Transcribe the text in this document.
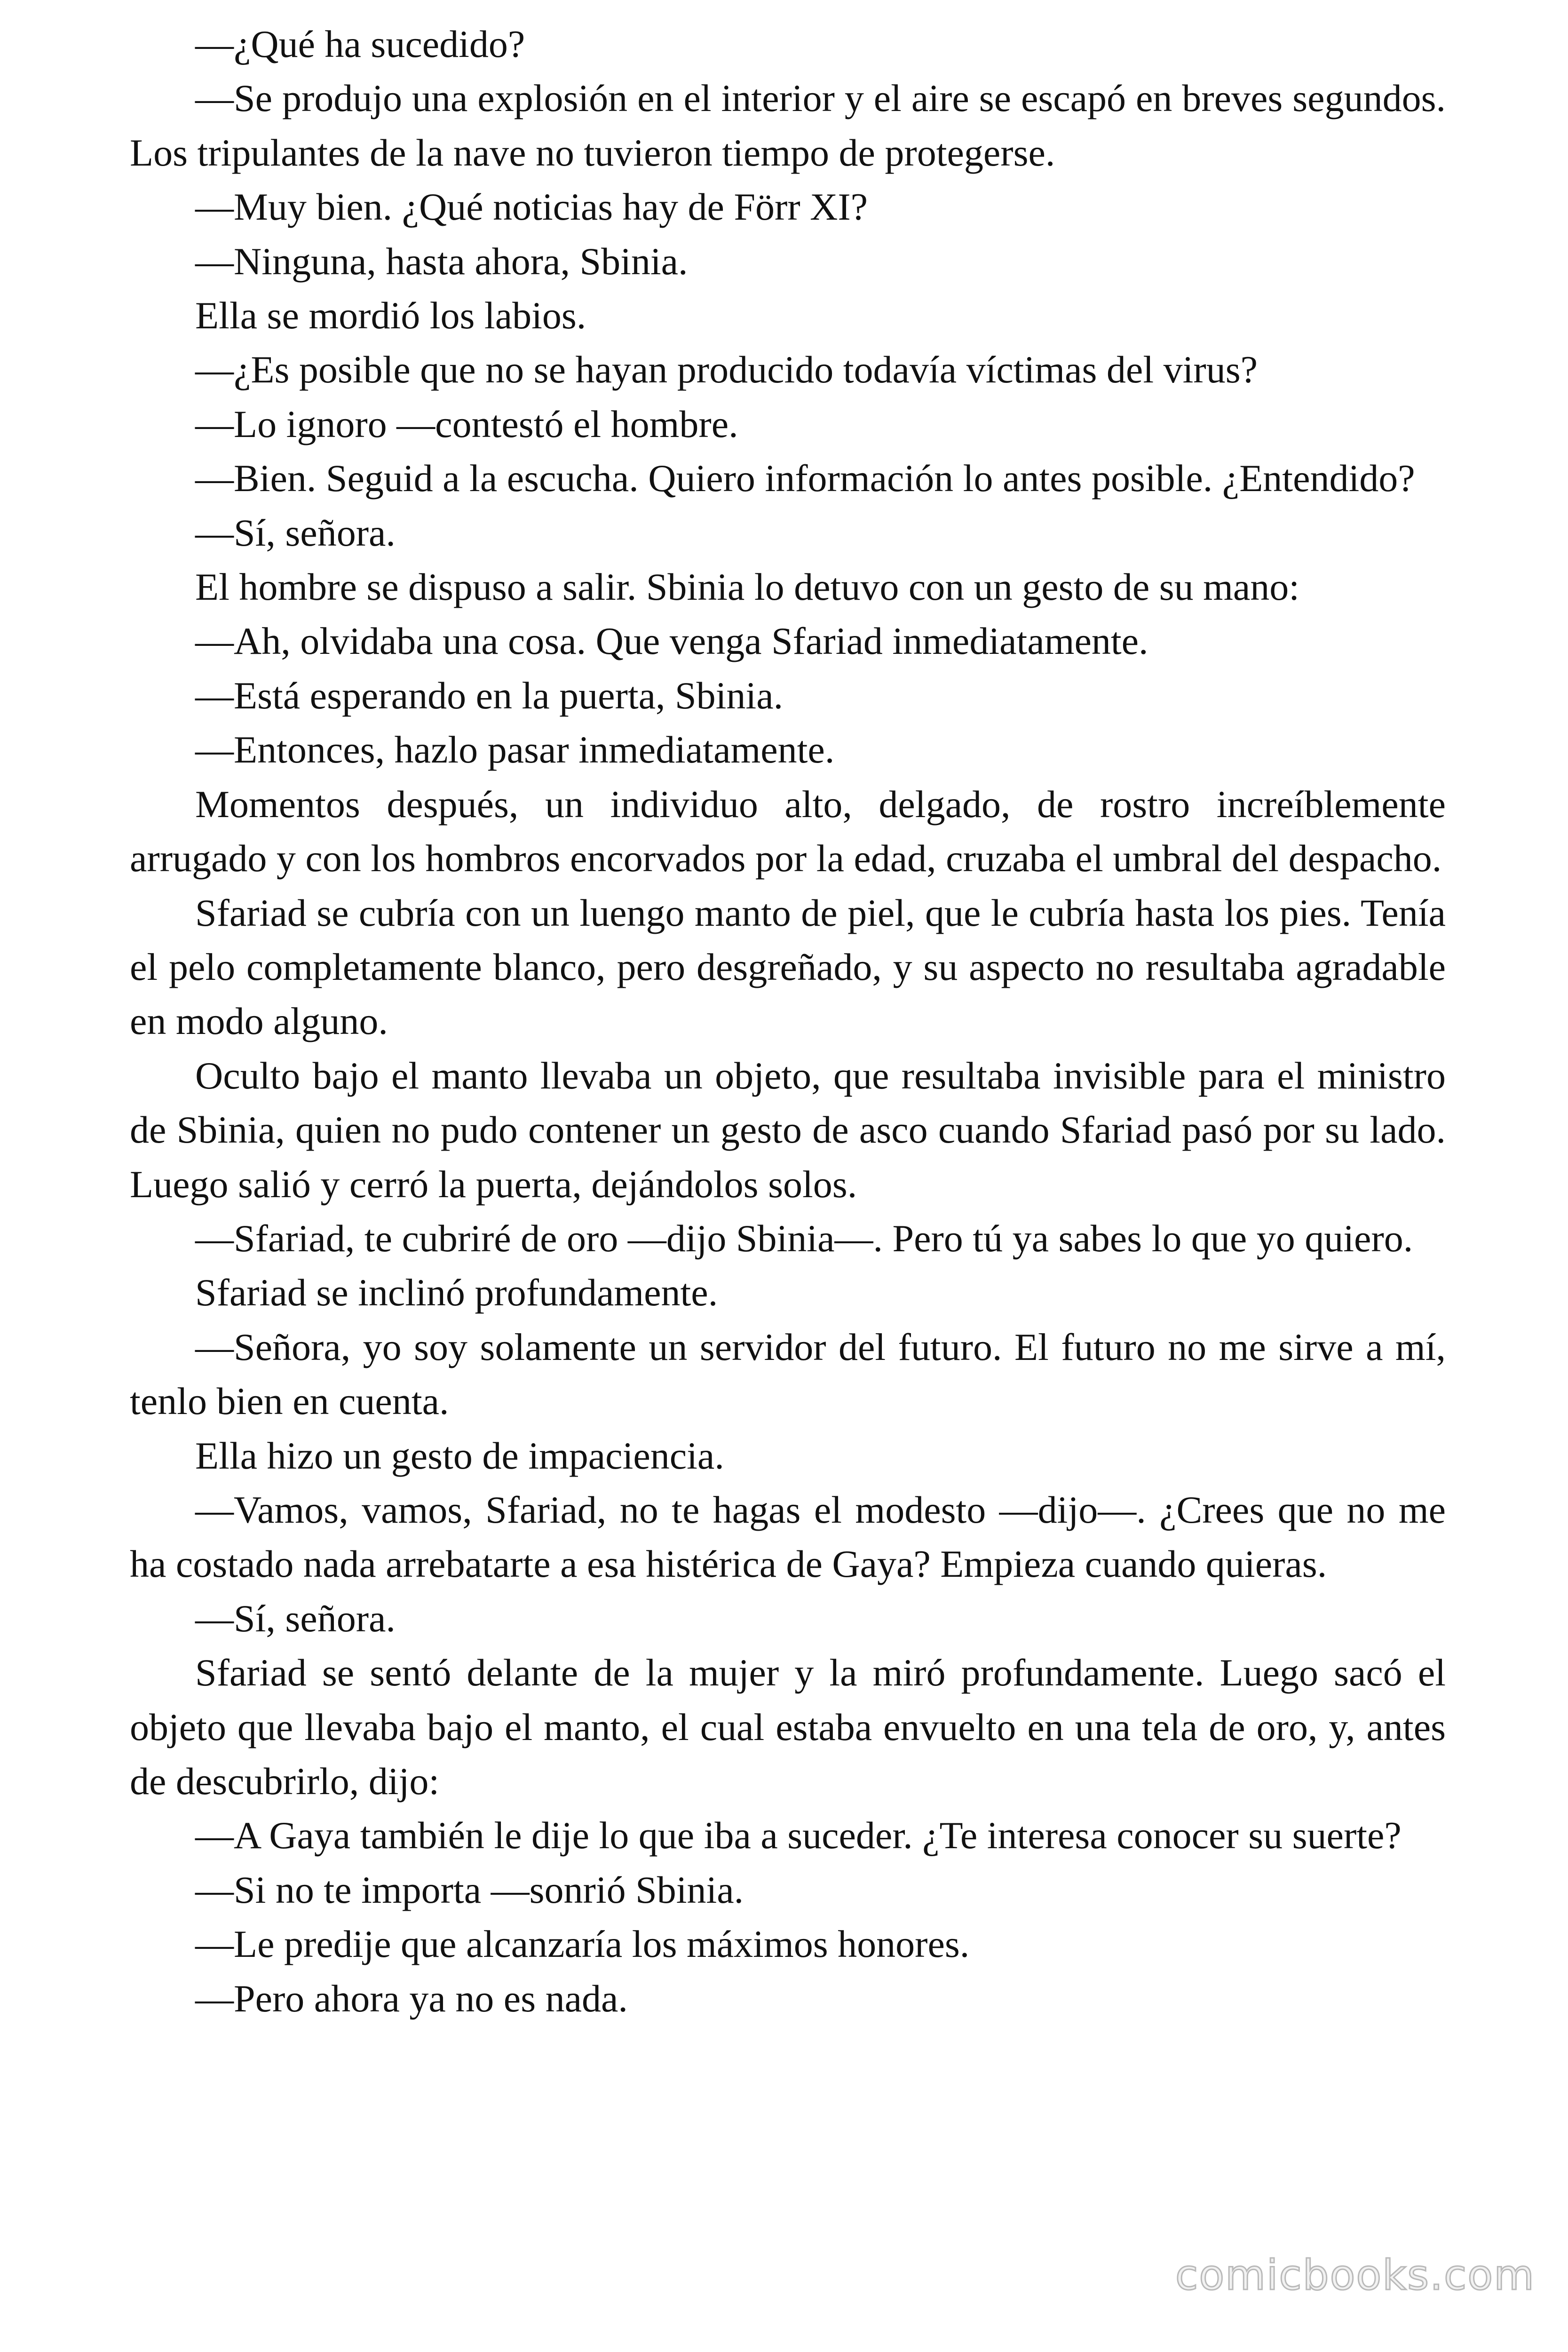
—¿Qué ha sucedido?

—Se produjo una explosión en el interior y el aire se escapó en breves segundos. Los tripulantes de la nave no tuvieron tiempo de protegerse.

—Muy bien. ¿Qué noticias hay de Förr XI?

—Ninguna, hasta ahora, Sbinia.

Ella se mordió los labios.

—¿Es posible que no se hayan producido todavía víctimas del virus?

—Lo ignoro —contestó el hombre.

—Bien. Seguid a la escucha. Quiero información lo antes posible. ¿Entendido?

—Sí, señora.

El hombre se dispuso a salir. Sbinia lo detuvo con un gesto de su mano:

—Ah, olvidaba una cosa. Que venga Sfariad inmediatamente.

—Está esperando en la puerta, Sbinia.

—Entonces, hazlo pasar inmediatamente.

Momentos después, un individuo alto, delgado, de rostro increíblemente arrugado y con los hombros encorvados por la edad, cruzaba el umbral del despacho.

Sfariad se cubría con un luengo manto de piel, que le cubría hasta los pies. Tenía el pelo completamente blanco, pero desgreñado, y su aspecto no resultaba agradable en modo alguno.

Oculto bajo el manto llevaba un objeto, que resultaba invisible para el ministro de Sbinia, quien no pudo contener un gesto de asco cuando Sfariad pasó por su lado. Luego salió y cerró la puerta, dejándolos solos.

—Sfariad, te cubriré de oro —dijo Sbinia—. Pero tú ya sabes lo que yo quiero.

Sfariad se inclinó profundamente.

—Señora, yo soy solamente un servidor del futuro. El futuro no me sirve a mí, tenlo bien en cuenta.

Ella hizo un gesto de impaciencia.

—Vamos, vamos, Sfariad, no te hagas el modesto —dijo—. ¿Crees que no me ha costado nada arrebatarte a esa histérica de Gaya? Empieza cuando quieras.

—Sí, señora.

Sfariad se sentó delante de la mujer y la miró profundamente. Luego sacó el objeto que llevaba bajo el manto, el cual estaba envuelto en una tela de oro, y, antes de descubrirlo, dijo:

—A Gaya también le dije lo que iba a suceder. ¿Te interesa conocer su suerte?

—Si no te importa —sonrió Sbinia.

—Le predije que alcanzaría los máximos honores.

—Pero ahora ya no es nada.

comicbooks.com
